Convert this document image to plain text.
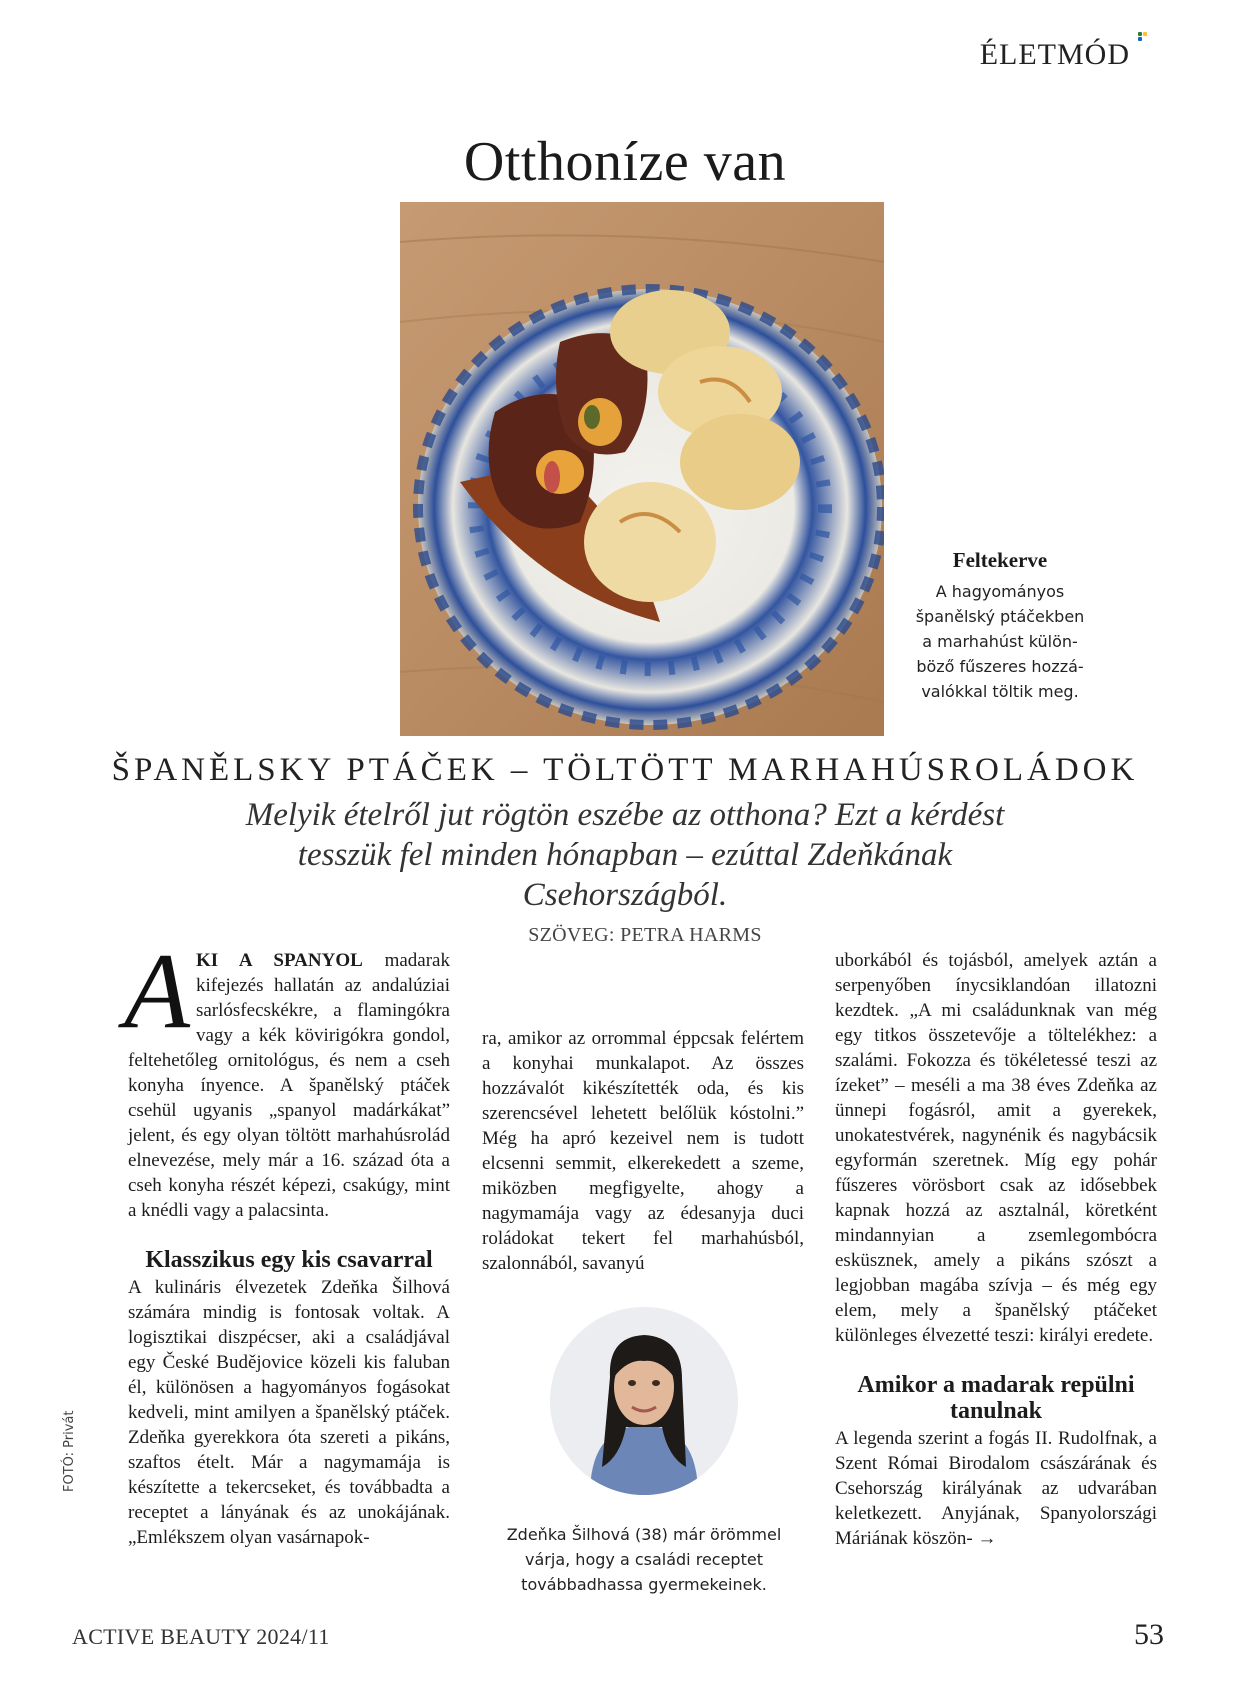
ÉLETMÓD
Otthoníze van
Feltekerve
A hagyományos
španělský ptáčekben
a marhahúst külön-
böző fűszeres hozzá-
valókkal töltik meg.
ŠPANĚLSKY PTÁČEK – TÖLTÖTT MARHAHÚSROLÁDOK
Melyik ételről jut rögtön eszébe az otthona? Ezt a kérdést tesszük fel minden hónapban – ezúttal Zdeňkának Csehországból.
SZÖVEG: PETRA HARMS

AKI A SPANYOL madarak kifejezés hallatán az andalúziai sarlósfecskékre, a flamingókra vagy a kék kövirigókra gondol, feltehetőleg ornitológus, és nem a cseh konyha ínyence. A španělský ptáček csehül ugyanis „spanyol madárkákat” jelent, és egy olyan töltött marhahúsrolád elnevezése, mely már a 16. század óta a cseh konyha részét képezi, csakúgy, mint a knédli vagy a palacsinta.

Klasszikus egy kis csavarral

A kulináris élvezetek Zdeňka Šilhová számára mindig is fontosak voltak. A logisztikai diszpécser, aki a családjával egy České Budějovice közeli kis faluban él, különösen a hagyományos fogásokat kedveli, mint amilyen a španělský ptáček. Zdeňka gyerekkora óta szereti a pikáns, szaftos ételt. Már a nagymamája is készítette a tekercseket, és továbbadta a receptet a lányának és az unokájának. „Emlékszem olyan vasárnapok-

ra, amikor az orrommal éppcsak felértem a konyhai munkalapot. Az összes hozzávalót kikészítették oda, és kis szerencsével lehetett belőlük kóstolni.” Még ha apró kezeivel nem is tudott elcsenni semmit, elkerekedett a szeme, miközben megfigyelte, ahogy a nagymamája vagy az édesanyja duci roládokat tekert fel marhahúsból, szalonnából, savanyú

Zdeňka Šilhová (38) már örömmel várja, hogy a családi receptet továbbadhassa gyermekeinek.

uborkából és tojásból, amelyek aztán a serpenyőben ínycsiklandóan illatozni kezdtek. „A mi családunknak van még egy titkos összetevője a töltelékhez: a szalámi. Fokozza és tökéletessé teszi az ízeket” – meséli a ma 38 éves Zdeňka az ünnepi fogásról, amit a gyerekek, unokatestvérek, nagynénik és nagybácsik egyformán szeretnek. Míg egy pohár fűszeres vörösbort csak az idősebbek kapnak hozzá az asztalnál, köretként mindannyian a zsemlegombócra esküsznek, amely a pikáns szószt a legjobban magába szívja – és még egy elem, mely a španělský ptáčeket különleges élvezetté teszi: királyi eredete.

Amikor a madarak repülni tanulnak

A legenda szerint a fogás II. Rudolfnak, a Szent Római Birodalom császárának és Csehország királyának az udvarában keletkezett. Anyjának, Spanyolországi Máriának köszön- →

FOTÓ: Privát
ACTIVE BEAUTY 2024/11	53
